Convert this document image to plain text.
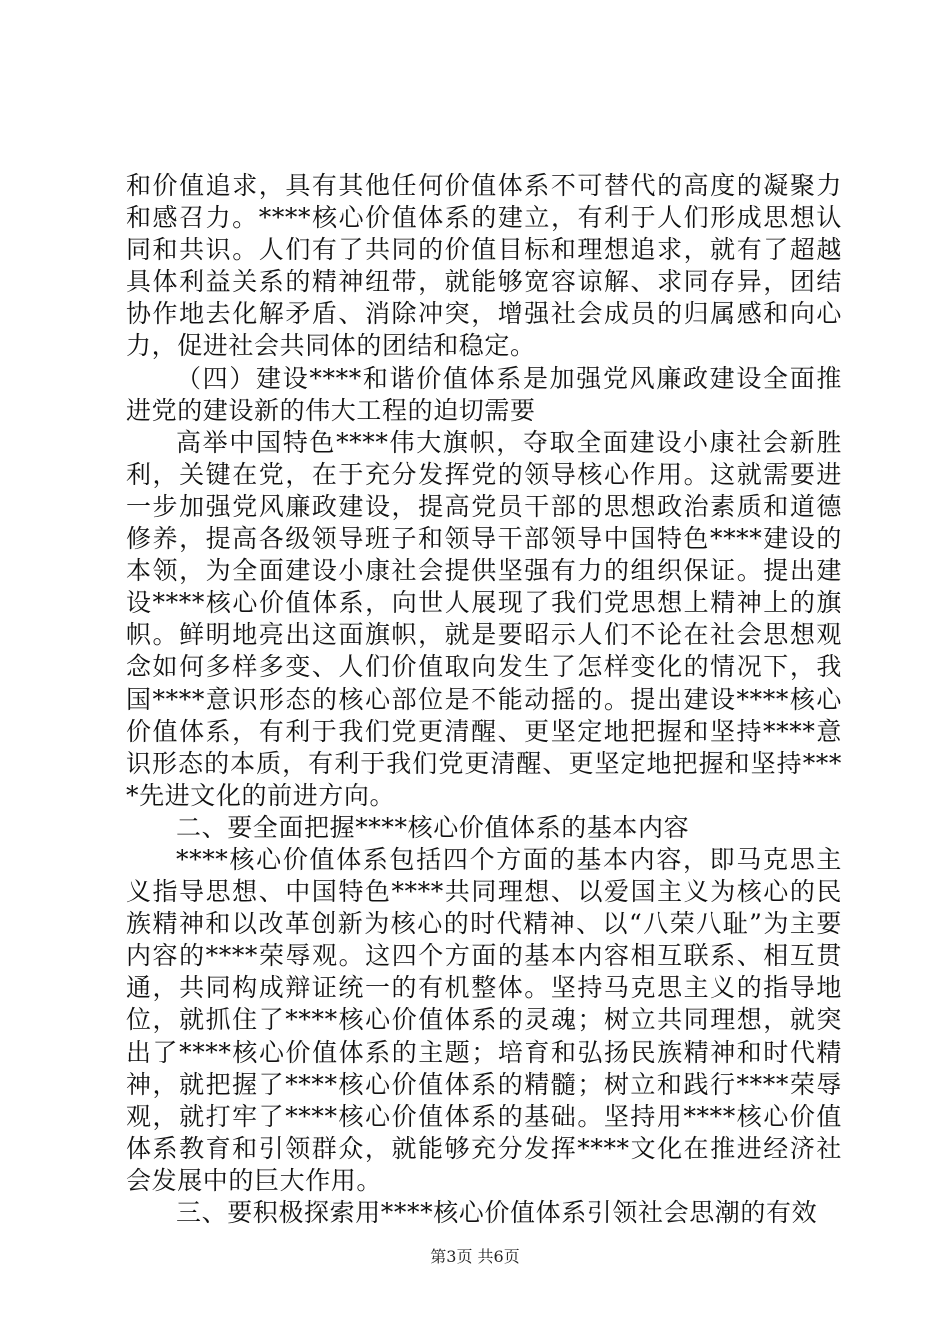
和价值追求，具有其他任何价值体系不可替代的高度的凝聚力和感召力。****核心价值体系的建立，有利于人们形成思想认同和共识。人们有了共同的价值目标和理想追求，就有了超越具体利益关系的精神纽带，就能够宽容谅解、求同存异，团结协作地去化解矛盾、消除冲突，增强社会成员的归属感和向心力，促进社会共同体的团结和稳定。

（四）建设****和谐价值体系是加强党风廉政建设全面推进党的建设新的伟大工程的迫切需要

高举中国特色****伟大旗帜，夺取全面建设小康社会新胜利，关键在党，在于充分发挥党的领导核心作用。这就需要进一步加强党风廉政建设，提高党员干部的思想政治素质和道德修养，提高各级领导班子和领导干部领导中国特色****建设的本领，为全面建设小康社会提供坚强有力的组织保证。提出建设****核心价值体系，向世人展现了我们党思想上精神上的旗帜。鲜明地亮出这面旗帜，就是要昭示人们不论在社会思想观念如何多样多变、人们价值取向发生了怎样变化的情况下，我国****意识形态的核心部位是不能动摇的。提出建设****核心价值体系，有利于我们党更清醒、更坚定地把握和坚持****意识形态的本质，有利于我们党更清醒、更坚定地把握和坚持****先进文化的前进方向。

二、要全面把握****核心价值体系的基本内容

****核心价值体系包括四个方面的基本内容，即马克思主义指导思想、中国特色****共同理想、以爱国主义为核心的民族精神和以改革创新为核心的时代精神、以“八荣八耻”为主要内容的****荣辱观。这四个方面的基本内容相互联系、相互贯通，共同构成辩证统一的有机整体。坚持马克思主义的指导地位，就抓住了****核心价值体系的灵魂；树立共同理想，就突出了****核心价值体系的主题；培育和弘扬民族精神和时代精神，就把握了****核心价值体系的精髓；树立和践行****荣辱观，就打牢了****核心价值体系的基础。坚持用****核心价值体系教育和引领群众，就能够充分发挥****文化在推进经济社会发展中的巨大作用。

三、要积极探索用****核心价值体系引领社会思潮的有效

第3页 共6页
